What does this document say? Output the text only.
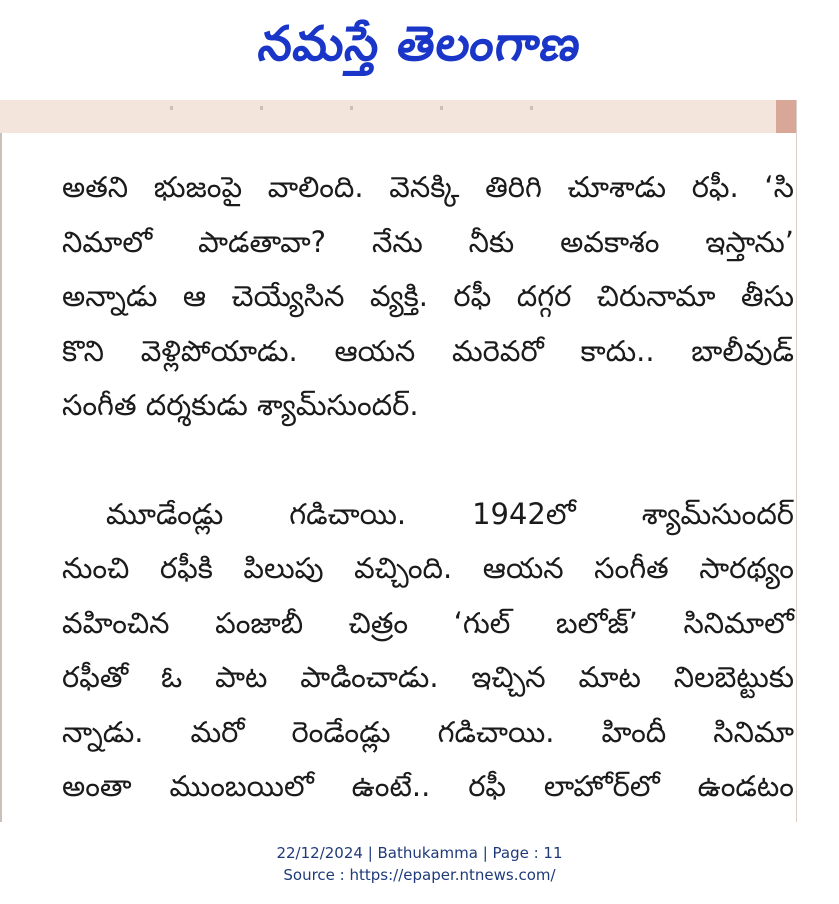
నమస్తే తెలంగాణ
అతని భుజంపై వాలింది. వెనక్కి తిరిగి చూశాడు రఫీ. ‘సి
నిమాలో పాడతావా? నేను నీకు అవకాశం ఇస్తాను’
అన్నాడు ఆ చెయ్యేసిన వ్యక్తి. రఫీ దగ్గర చిరునామా తీసు
కొని వెళ్లిపోయాడు. ఆయన మరెవరో కాదు.. బాలీవుడ్
సంగీత దర్శకుడు శ్యామ్‌సుందర్.
మూడేండ్లు గడిచాయి. 1942లో శ్యామ్‌సుందర్
నుంచి రఫీకి పిలుపు వచ్చింది. ఆయన సంగీత సారథ్యం
వహించిన పంజాబీ చిత్రం ‘గుల్ బలోజ్’ సినిమాలో
రఫీతో ఓ పాట పాడించాడు. ఇచ్చిన మాట నిలబెట్టుకు
న్నాడు. మరో రెండేండ్లు గడిచాయి. హిందీ సినిమా
అంతా ముంబయిలో ఉంటే.. రఫీ లాహోర్‌లో ఉండటం
22/12/2024 | Bathukamma | Page : 11
Source : https://epaper.ntnews.com/
